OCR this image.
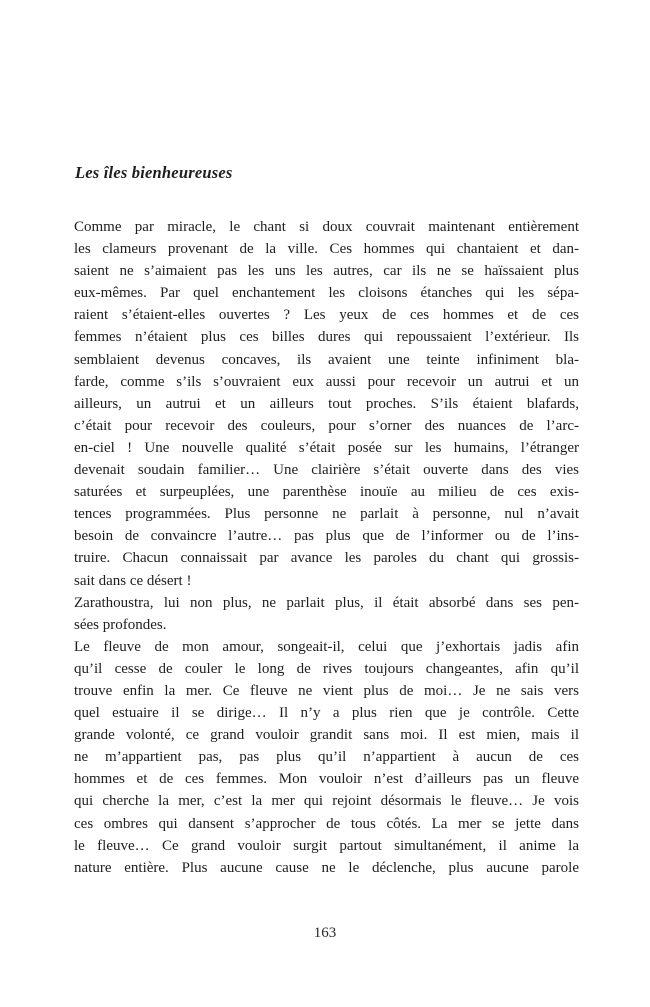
Les îles bienheureuses
Comme par miracle, le chant si doux couvrait maintenant entièrement
les clameurs provenant de la ville. Ces hommes qui chantaient et dan-
saient ne s’aimaient pas les uns les autres, car ils ne se haïssaient plus
eux-mêmes. Par quel enchantement les cloisons étanches qui les sépa-
raient s’étaient-elles ouvertes ? Les yeux de ces hommes et de ces
femmes n’étaient plus ces billes dures qui repoussaient l’extérieur. Ils
semblaient devenus concaves, ils avaient une teinte infiniment bla-
farde, comme s’ils s’ouvraient eux aussi pour recevoir un autrui et un
ailleurs, un autrui et un ailleurs tout proches. S’ils étaient blafards,
c’était pour recevoir des couleurs, pour s’orner des nuances de l’arc-
en-ciel ! Une nouvelle qualité s’était posée sur les humains, l’étranger
devenait soudain familier… Une clairière s’était ouverte dans des vies
saturées et surpeuplées, une parenthèse inouïe au milieu de ces exis-
tences programmées. Plus personne ne parlait à personne, nul n’avait
besoin de convaincre l’autre… pas plus que de l’informer ou de l’ins-
truire. Chacun connaissait par avance les paroles du chant qui grossis-
sait dans ce désert !
Zarathoustra, lui non plus, ne parlait plus, il était absorbé dans ses pen-
sées profondes.
Le fleuve de mon amour, songeait-il, celui que j’exhortais jadis afin
qu’il cesse de couler le long de rives toujours changeantes, afin qu’il
trouve enfin la mer. Ce fleuve ne vient plus de moi… Je ne sais vers
quel estuaire il se dirige… Il n’y a plus rien que je contrôle. Cette
grande volonté, ce grand vouloir grandit sans moi. Il est mien, mais il
ne m’appartient pas, pas plus qu’il n’appartient à aucun de ces
hommes et de ces femmes. Mon vouloir n’est d’ailleurs pas un fleuve
qui cherche la mer, c’est la mer qui rejoint désormais le fleuve… Je vois
ces ombres qui dansent s’approcher de tous côtés. La mer se jette dans
le fleuve… Ce grand vouloir surgit partout simultanément, il anime la
nature entière. Plus aucune cause ne le déclenche, plus aucune parole
163
